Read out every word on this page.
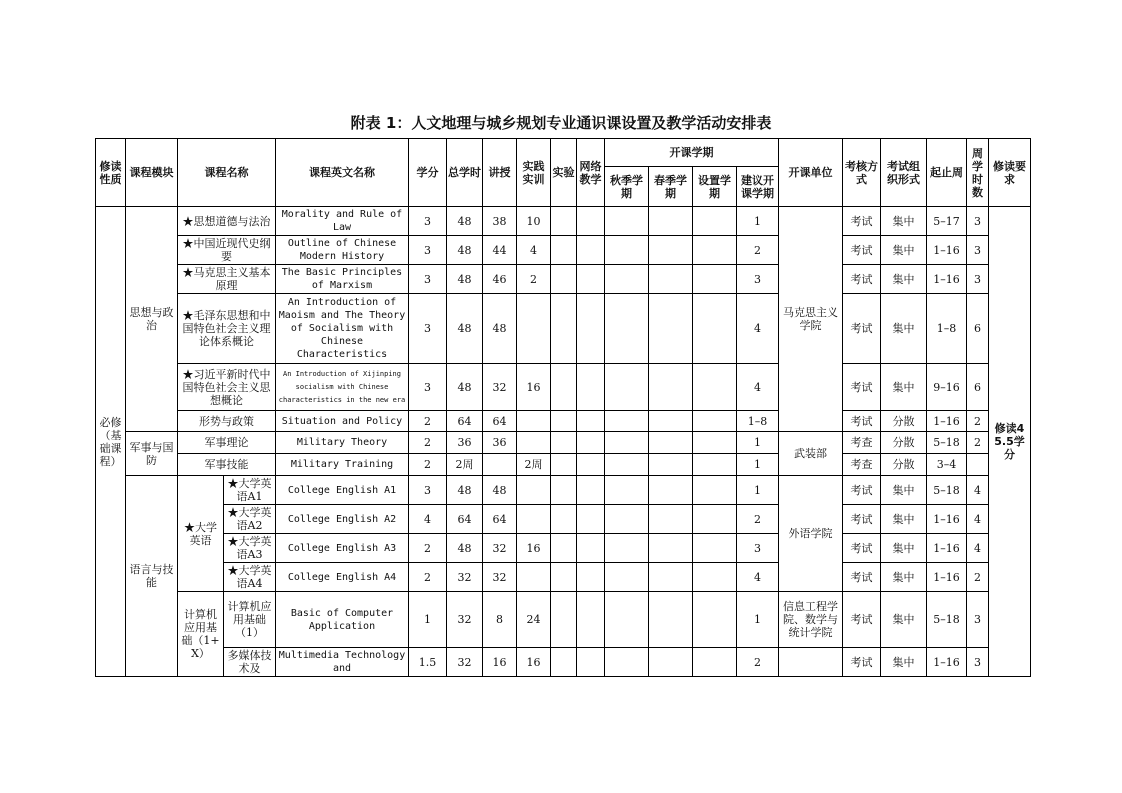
附表 1：人文地理与城乡规划专业通识课设置及教学活动安排表
修读性质	课程模块	课程名称		课程英文名称	学分	总学时	讲授	实践实训	实验	网络教学	开课学期				开课单位	考核方式	考试组织形式	起止周	周学时数	修读要求
											秋季学期	春季学期	设置学期	建议开课学期						
必修（基础课程）	思想与政治	★思想道德与法治		Morality and Rule of Law	3	48	38	10						1	马克思主义学院	考试	集中	5–17	3	修读45.5学分
		★中国近现代史纲要		Outline of Chinese Modern History	3	48	44	4						2		考试	集中	1–16	3	
		★马克思主义基本原理		The Basic Principles of Marxism	3	48	46	2						3		考试	集中	1–16	3	
		★毛泽东思想和中国特色社会主义理论体系概论		An Introduction of Maoism and The Theory of Socialism with Chinese Characteristics	3	48	48							4		考试	集中	1–8	6	
		★习近平新时代中国特色社会主义思想概论		An Introduction of Xijinping socialism with Chinese characteristics in the new era	3	48	32	16						4		考试	集中	9–16	6	
		形势与政策		Situation and Policy	2	64	64							1–8		考试	分散	1–16	2	
	军事与国防	军事理论		Military Theory	2	36	36							1	武装部	考查	分散	5–18	2	
		军事技能		Military Training	2	2周		2周						1		考查	分散	3–4		
	语言与技能	★大学英语	★大学英语A1	College English A1	3	48	48							1	外语学院	考试	集中	5–18	4	
			★大学英语A2	College English A2	4	64	64							2		考试	集中	1–16	4	
			★大学英语A3	College English A3	2	48	32	16						3		考试	集中	1–16	4	
			★大学英语A4	College English A4	2	32	32							4		考试	集中	1–16	2	
		计算机应用基础（1+X）	计算机应用基础（1）	Basic of Computer Application	1	32	8	24						1	信息工程学院、数学与统计学院	考试	集中	5–18	3	
			多媒体技术及	Multimedia Technology and	1.5	32	16	16						2		考试	集中	1–16	3	
